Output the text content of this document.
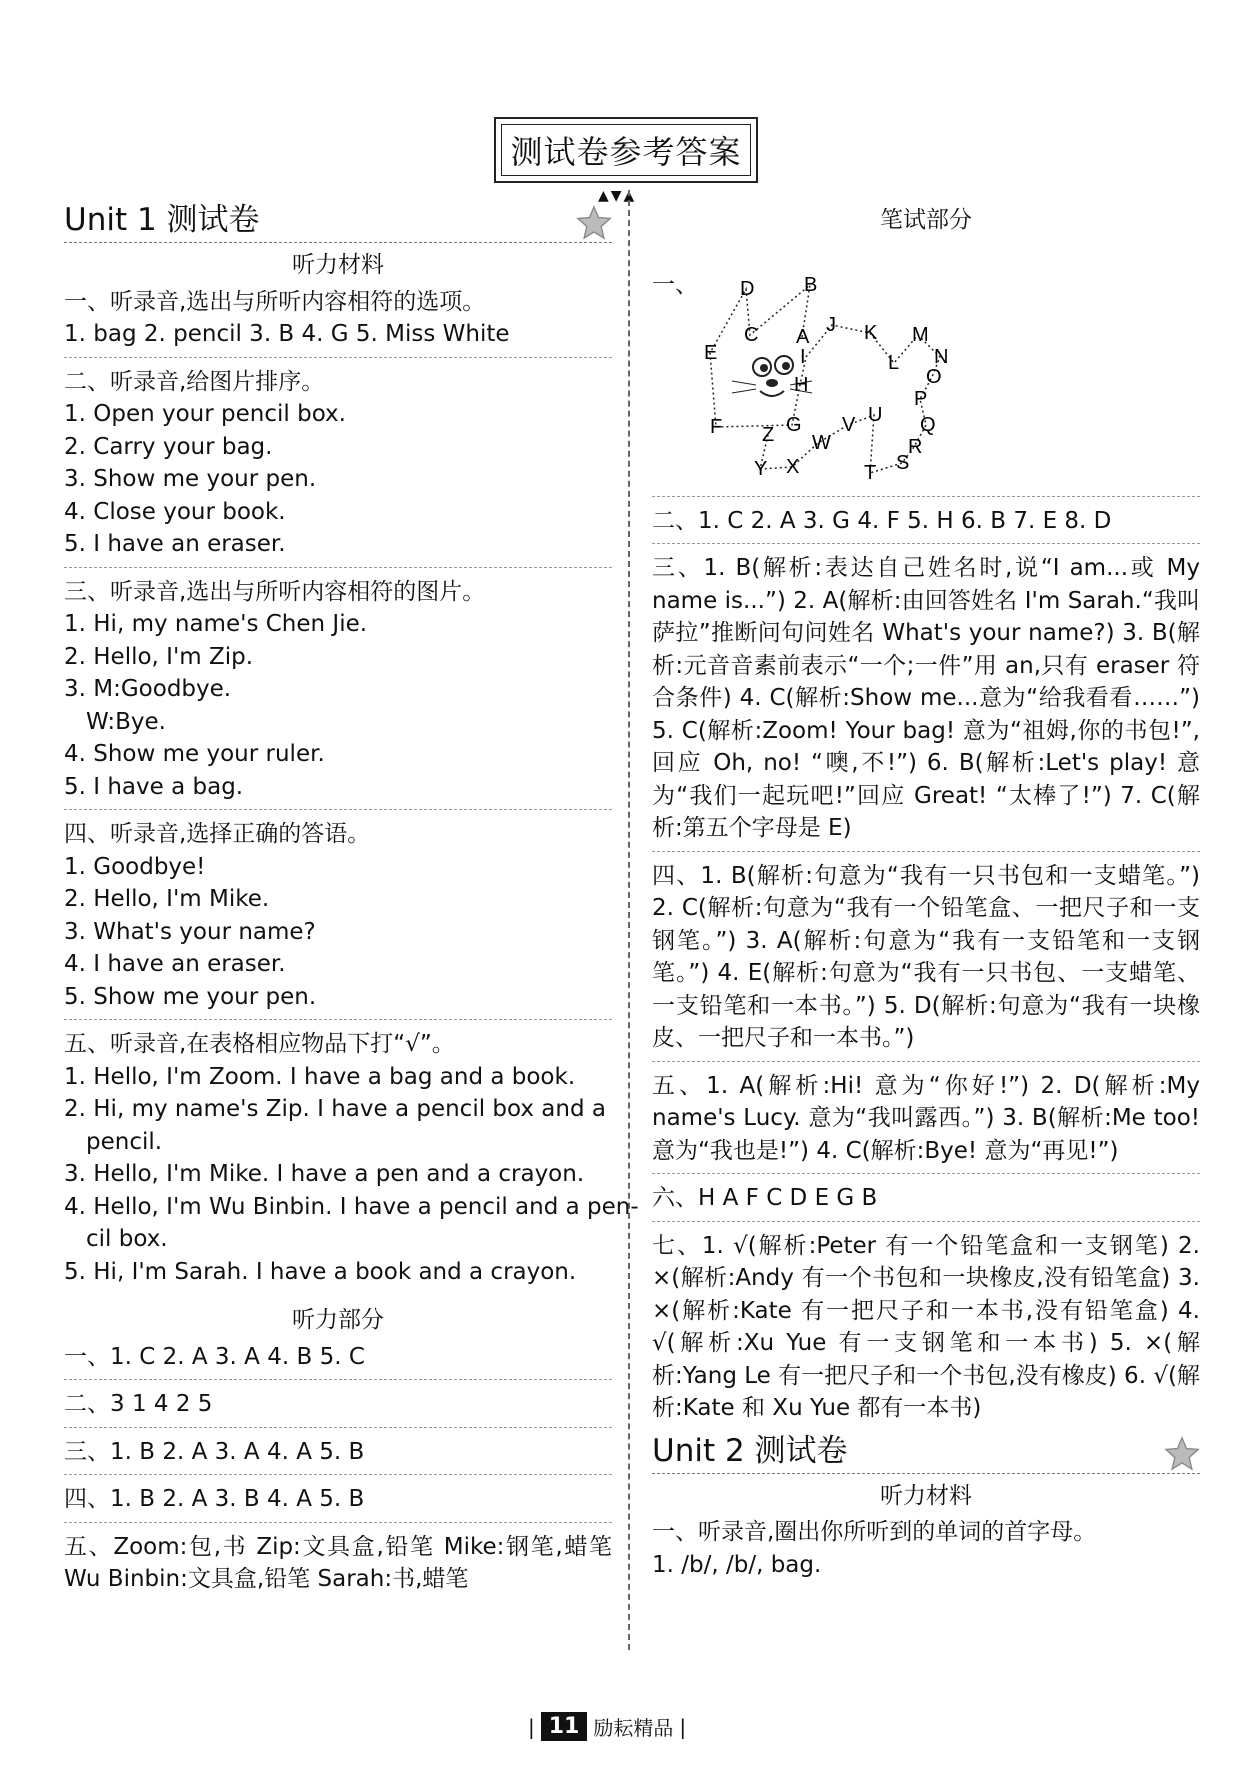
测试卷参考答案
▲▼▲
Unit 1 测试卷
听力材料
一、听录音,选出与所听内容相符的选项。
1. bag 2. pencil 3. B 4. G 5. Miss White
二、听录音,给图片排序。
1. Open your pencil box.
2. Carry your bag.
3. Show me your pen.
4. Close your book.
5. I have an eraser.
三、听录音,选出与所听内容相符的图片。
1. Hi, my name's Chen Jie.
2. Hello, I'm Zip.
3. M:Goodbye.
W:Bye.
4. Show me your ruler.
5. I have a bag.
四、听录音,选择正确的答语。
1. Goodbye!
2. Hello, I'm Mike.
3. What's your name?
4. I have an eraser.
5. Show me your pen.
五、听录音,在表格相应物品下打“√”。
1. Hello, I'm Zoom. I have a bag and a book.
2. Hi, my name's Zip. I have a pencil box and a
pencil.
3. Hello, I'm Mike. I have a pen and a crayon.
4. Hello, I'm Wu Binbin. I have a pencil and a pen-
cil box.
5. Hi, I'm Sarah. I have a book and a crayon.
听力部分
一、1. C 2. A 3. A 4. B 5. C
二、3 1 4 2 5
三、1. B 2. A 3. A 4. A 5. B
四、1. B 2. A 3. B 4. A 5. B
五、Zoom:包,书 Zip:文具盒,铅笔 Mike:钢笔,蜡笔 Wu Binbin:文具盒,铅笔 Sarah:书,蜡笔
笔试部分
一、
A
B
C
D
E
F	G
H
I
J K
L
M
N
O
P
Q
R
S
T
U
V
W
X
Y
Z
二、1. C 2. A 3. G 4. F 5. H 6. B 7. E 8. D
三、1. B(解析:表达自己姓名时,说“I am...或 My name is...”) 2. A(解析:由回答姓名 I'm Sarah.“我叫萨拉”推断问句问姓名 What's your name?) 3. B(解析:元音音素前表示“一个;一件”用 an,只有 eraser 符合条件) 4. C(解析:Show me...意为“给我看看……”) 5. C(解析:Zoom! Your bag! 意为“祖姆,你的书包!”,回应 Oh, no! “噢,不!”) 6. B(解析:Let's play! 意为“我们一起玩吧!”回应 Great! “太棒了!”) 7. C(解析:第五个字母是 E)
四、1. B(解析:句意为“我有一只书包和一支蜡笔。”) 2. C(解析:句意为“我有一个铅笔盒、一把尺子和一支钢笔。”) 3. A(解析:句意为“我有一支铅笔和一支钢笔。”) 4. E(解析:句意为“我有一只书包、一支蜡笔、一支铅笔和一本书。”) 5. D(解析:句意为“我有一块橡皮、一把尺子和一本书。”)
五、1. A(解析:Hi! 意为“你好!”) 2. D(解析:My name's Lucy. 意为“我叫露西。”) 3. B(解析:Me too! 意为“我也是!”) 4. C(解析:Bye! 意为“再见!”)
六、H A F C D E G B
七、1. √(解析:Peter 有一个铅笔盒和一支钢笔) 2. ×(解析:Andy 有一个书包和一块橡皮,没有铅笔盒) 3. ×(解析:Kate 有一把尺子和一本书,没有铅笔盒) 4. √(解析:Xu Yue 有一支钢笔和一本书) 5. ×(解析:Yang Le 有一把尺子和一个书包,没有橡皮) 6. √(解析:Kate 和 Xu Yue 都有一本书)
Unit 2 测试卷
听力材料
一、听录音,圈出你所听到的单词的首字母。
1. /b/, /b/, bag.
| 11 励耘精品 |
